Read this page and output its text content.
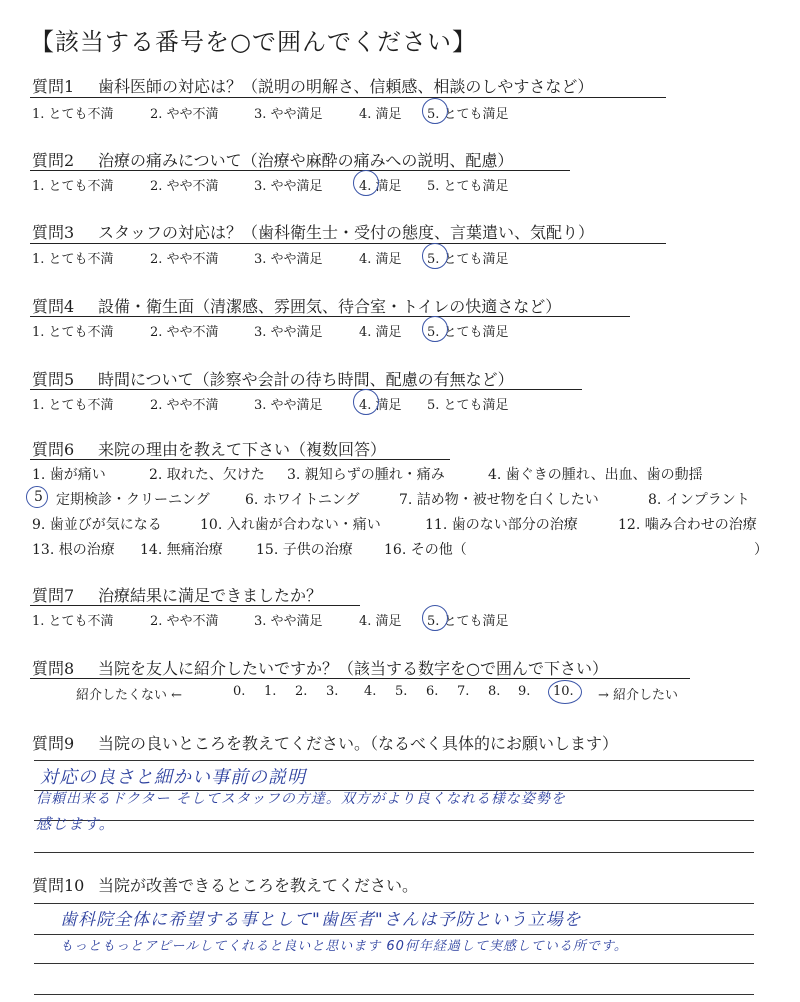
【該当する番号を○で囲んでください】
質問1 歯科医師の対応は？（説明の明解さ、信頼感、相談のしやすさなど）
1. とても不満	2. やや不満	3. やや満足	4. 満足 5. とても満足
質問2 治療の痛みについて（治療や麻酔の痛みへの説明、配慮）
1. とても不満	2. やや不満	3. やや満足	4. 満足 5. とても満足
質問3 スタッフの対応は？（歯科衛生士・受付の態度、言葉遣い、気配り）
1. とても不満	2. やや不満	3. やや満足	4. 満足 5. とても満足
質問4 設備・衛生面（清潔感、雰囲気、待合室・トイレの快適さなど）
1. とても不満	2. やや不満	3. やや満足	4. 満足 5. とても満足
質問5 時間について（診察や会計の待ち時間、配慮の有無など）
1. とても不満	2. やや不満	3. やや満足	4. 満足 5. とても満足
質問6 来院の理由を教えて下さい（複数回答）
1. 歯が痛い	2. 取れた、欠けた 3. 親知らずの腫れ・痛み	4. 歯ぐきの腫れ、出血、歯の動揺
5 定期検診・クリーニング	6. ホワイトニング	7. 詰め物・被せ物を白くしたい	8. インプラント
9. 歯並びが気になる	10. 入れ歯が合わない・痛い	11. 歯のない部分の治療	12. 噛み合わせの治療
13. 根の治療 14. 無痛治療 15. 子供の治療 16. その他（	）
質問7 治療結果に満足できましたか？
1. とても不満	2. やや不満	3. やや満足	4. 満足 5. とても満足
質問8 当院を友人に紹介したいですか？（該当する数字を○で囲んで下さい）
紹介したくない ←	0. 1. 2. 3. 4. 5. 6. 7. 8. 9. 10. → 紹介したい
質問9 当院の良いところを教えてください。（なるべく具体的にお願いします）
対応の良さと細かい事前の説明
信頼出来るドクター そしてスタッフの方達。双方がより良くなれる様な姿勢を
感じます。
質問10 当院が改善できるところを教えてください。
歯科院全体に希望する事として"歯医者"さんは予防という立場を
もっともっとアピールしてくれると良いと思います 60何年経過して実感している所です。
